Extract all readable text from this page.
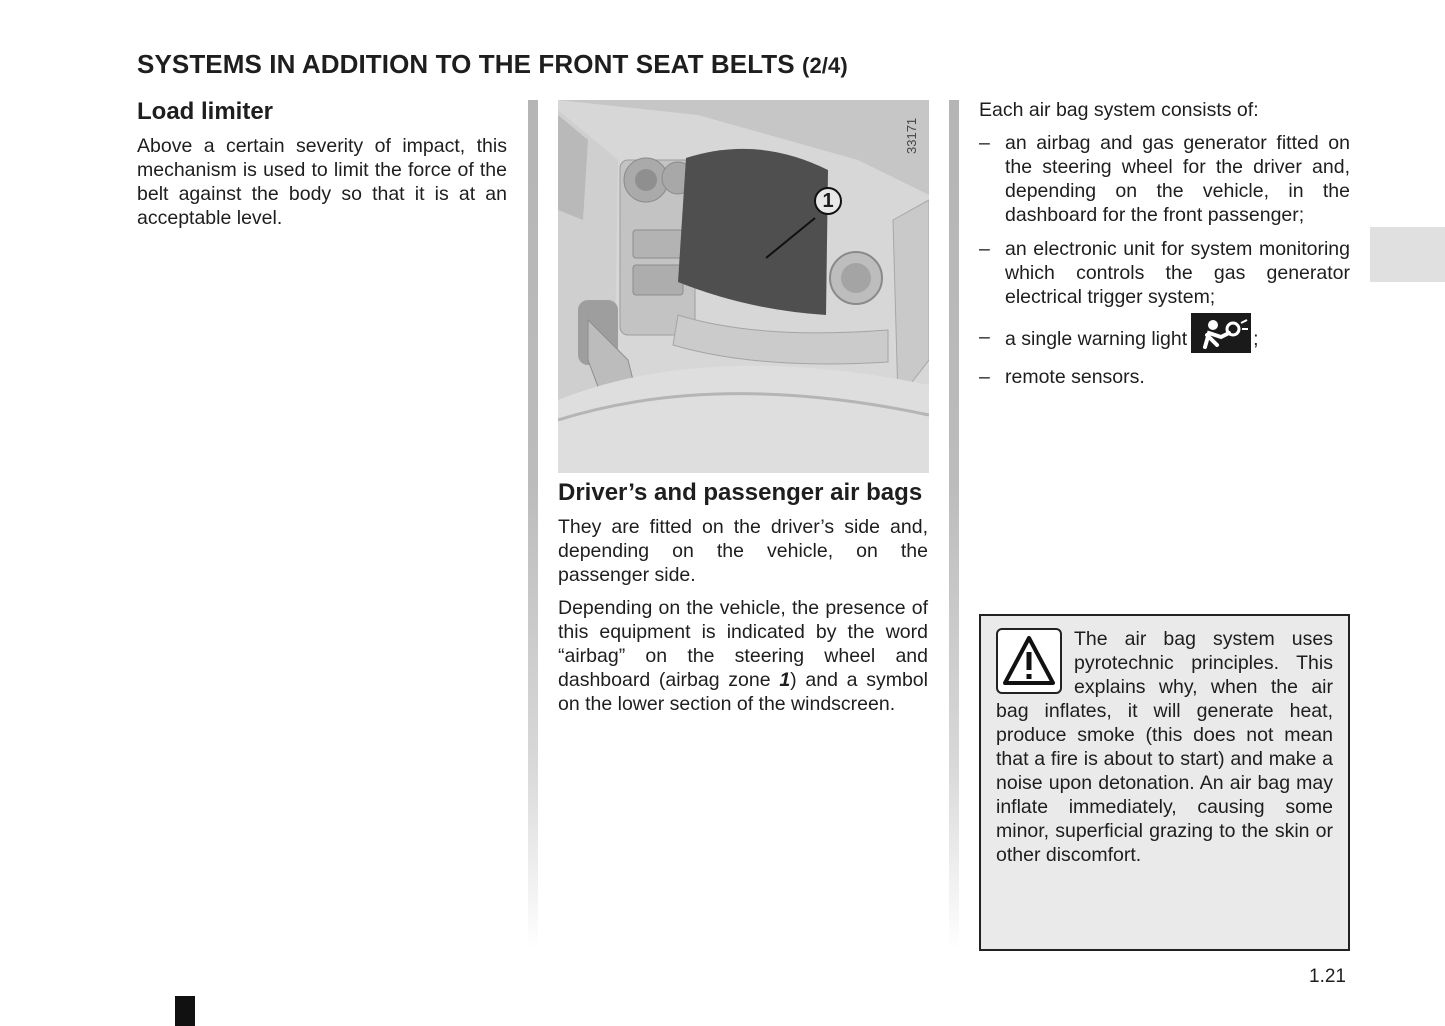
SYSTEMS IN ADDITION TO THE FRONT SEAT BELTS (2/4)
Load limiter

Above a certain severity of impact, this mechanism is used to limit the force of the belt against the body so that it is at an acceptable level.

33171
1
Driver’s and passenger air bags

They are fitted on the driver’s side and, depending on the vehicle, on the passenger side.

Depending on the vehicle, the presence of this equipment is indicated by the word “airbag” on the steering wheel and dashboard (airbag zone 1) and a symbol on the lower section of the windscreen.

Each air bag system consists of:

– an airbag and gas generator fitted on the steering wheel for the driver and, depending on the vehicle, in the dashboard for the front passenger;
– an electronic unit for system monitoring which controls the gas generator electrical trigger system;
– a single warning light	;
– remote sensors.

The air bag system uses pyrotechnic principles. This explains why, when the air bag inflates, it will generate heat, produce smoke (this does not mean that a fire is about to start) and make a noise upon detonation. An air bag may inflate immediately, causing some minor, superficial grazing to the skin or other discomfort.

1.21
